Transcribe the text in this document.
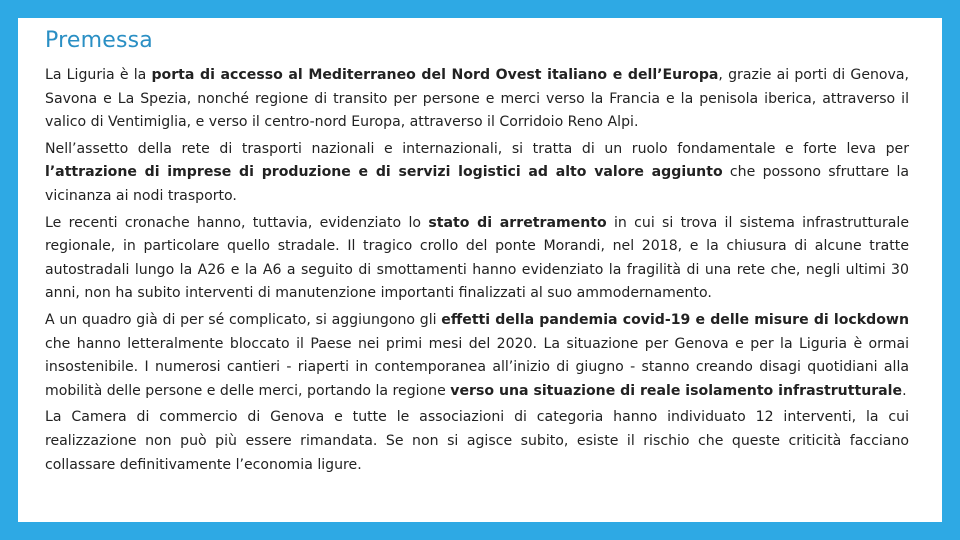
Premessa

La Liguria è la porta di accesso al Mediterraneo del Nord Ovest italiano e dell’Europa, grazie ai porti di Genova, Savona e La Spezia, nonché regione di transito per persone e merci verso la Francia e la penisola iberica, attraverso il valico di Ventimiglia, e verso il centro-nord Europa, attraverso il Corridoio Reno Alpi.

Nell’assetto della rete di trasporti nazionali e internazionali, si tratta di un ruolo fondamentale e forte leva per l’attrazione di imprese di produzione e di servizi logistici ad alto valore aggiunto che possono sfruttare la vicinanza ai nodi trasporto.

Le recenti cronache hanno, tuttavia, evidenziato lo stato di arretramento in cui si trova il sistema infrastrutturale regionale, in particolare quello stradale. Il tragico crollo del ponte Morandi, nel 2018, e la chiusura di alcune tratte autostradali lungo la A26 e la A6 a seguito di smottamenti hanno evidenziato la fragilità di una rete che, negli ultimi 30 anni, non ha subito interventi di manutenzione importanti finalizzati al suo ammodernamento.

A un quadro già di per sé complicato, si aggiungono gli effetti della pandemia covid-19 e delle misure di lockdown che hanno letteralmente bloccato il Paese nei primi mesi del 2020. La situazione per Genova e per la Liguria è ormai insostenibile. I numerosi cantieri - riaperti in contemporanea all’inizio di giugno - stanno creando disagi quotidiani alla mobilità delle persone e delle merci, portando la regione verso una situazione di reale isolamento infrastrutturale.

La Camera di commercio di Genova e tutte le associazioni di categoria hanno individuato 12 interventi, la cui realizzazione non può più essere rimandata. Se non si agisce subito, esiste il rischio che queste criticità facciano collassare definitivamente l’economia ligure.
